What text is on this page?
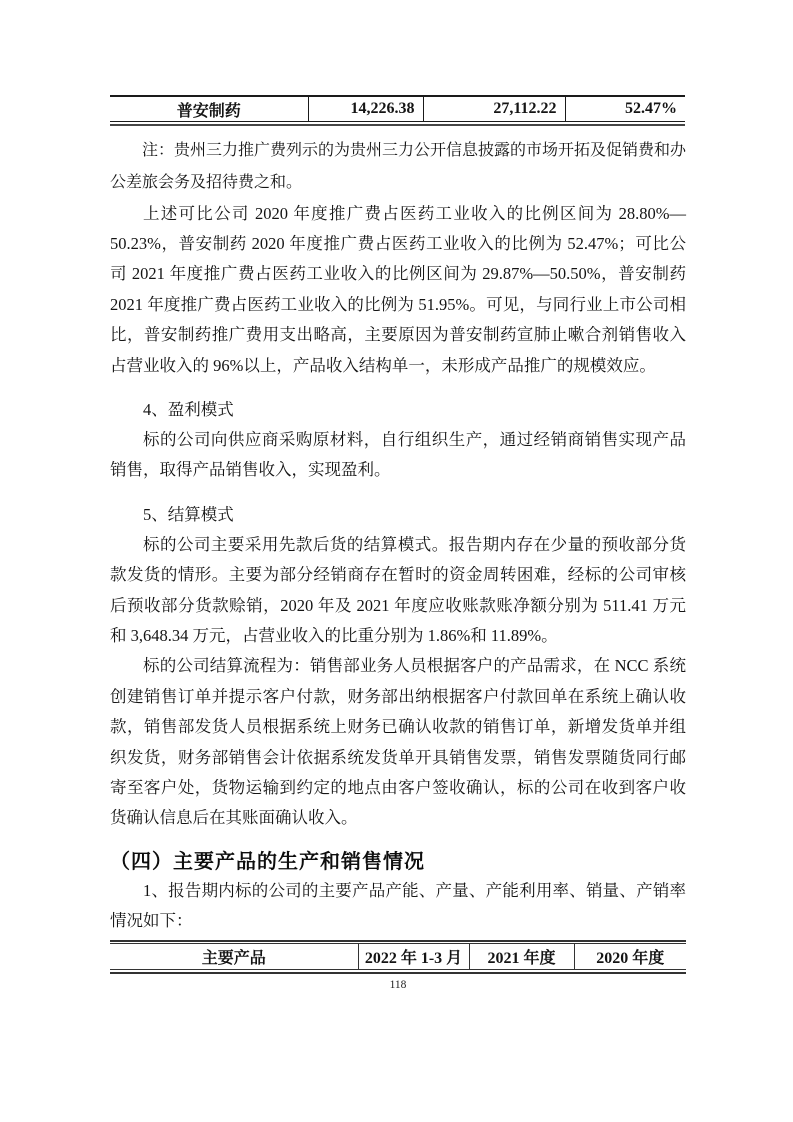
普安制药	14,226.38	27,112.22	52.47%

注：贵州三力推广费列示的为贵州三力公开信息披露的市场开拓及促销费和办公差旅会务及招待费之和。

上述可比公司 2020 年度推广费占医药工业收入的比例区间为 28.80%—50.23%，普安制药 2020 年度推广费占医药工业收入的比例为 52.47%；可比公司 2021 年度推广费占医药工业收入的比例区间为 29.87%—50.50%，普安制药 2021 年度推广费占医药工业收入的比例为 51.95%。可见，与同行业上市公司相比，普安制药推广费用支出略高，主要原因为普安制药宣肺止嗽合剂销售收入占营业收入的 96%以上，产品收入结构单一，未形成产品推广的规模效应。

4、盈利模式

标的公司向供应商采购原材料，自行组织生产，通过经销商销售实现产品销售，取得产品销售收入，实现盈利。

5、结算模式

标的公司主要采用先款后货的结算模式。报告期内存在少量的预收部分货款发货的情形。主要为部分经销商存在暂时的资金周转困难，经标的公司审核后预收部分货款赊销，2020 年及 2021 年度应收账款账净额分别为 511.41 万元和 3,648.34 万元，占营业收入的比重分别为 1.86%和 11.89%。

标的公司结算流程为：销售部业务人员根据客户的产品需求，在 NCC 系统创建销售订单并提示客户付款，财务部出纳根据客户付款回单在系统上确认收款，销售部发货人员根据系统上财务已确认收款的销售订单，新增发货单并组织发货，财务部销售会计依据系统发货单开具销售发票，销售发票随货同行邮寄至客户处，货物运输到约定的地点由客户签收确认，标的公司在收到客户收货确认信息后在其账面确认收入。

（四）主要产品的生产和销售情况

1、报告期内标的公司的主要产品产能、产量、产能利用率、销量、产销率情况如下：

主要产品	2022 年 1-3 月	2021 年度	2020 年度
118
